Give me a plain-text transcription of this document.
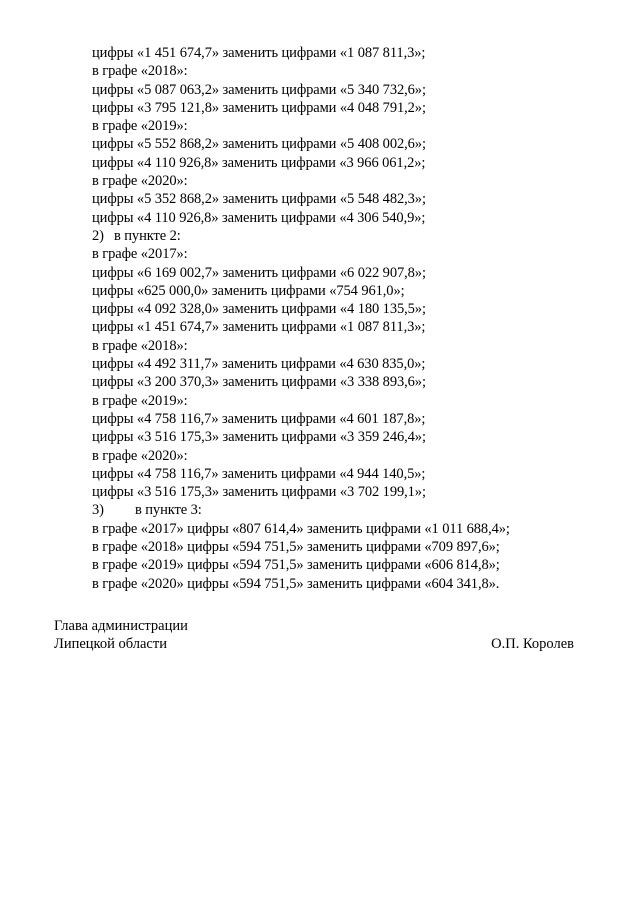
цифры «1 451 674,7» заменить цифрами «1 087 811,3»;
в графе «2018»:
цифры «5 087 063,2» заменить цифрами «5 340 732,6»;
цифры «3 795 121,8» заменить цифрами «4 048 791,2»;
в графе «2019»:
цифры «5 552 868,2» заменить цифрами «5 408 002,6»;
цифры «4 110 926,8» заменить цифрами «3 966 061,2»;
в графе «2020»:
цифры «5 352 868,2» заменить цифрами «5 548 482,3»;
цифры «4 110 926,8» заменить цифрами «4 306 540,9»;
2) в пункте 2:
в графе «2017»:
цифры «6 169 002,7» заменить цифрами «6 022 907,8»;
цифры «625 000,0» заменить цифрами «754 961,0»;
цифры «4 092 328,0» заменить цифрами «4 180 135,5»;
цифры «1 451 674,7» заменить цифрами «1 087 811,3»;
в графе «2018»:
цифры «4 492 311,7» заменить цифрами «4 630 835,0»;
цифры «3 200 370,3» заменить цифрами «3 338 893,6»;
в графе «2019»:
цифры «4 758 116,7» заменить цифрами «4 601 187,8»;
цифры «3 516 175,3» заменить цифрами «3 359 246,4»;
в графе «2020»:
цифры «4 758 116,7» заменить цифрами «4 944 140,5»;
цифры «3 516 175,3» заменить цифрами «3 702 199,1»;
3) в пункте 3:
в графе «2017» цифры «807 614,4» заменить цифрами «1 011 688,4»;
в графе «2018» цифры «594 751,5» заменить цифрами «709 897,6»;
в графе «2019» цифры «594 751,5» заменить цифрами «606 814,8»;
в графе «2020» цифры «594 751,5» заменить цифрами «604 341,8».
Глава администрации
Липецкой области	О.П. Королев
